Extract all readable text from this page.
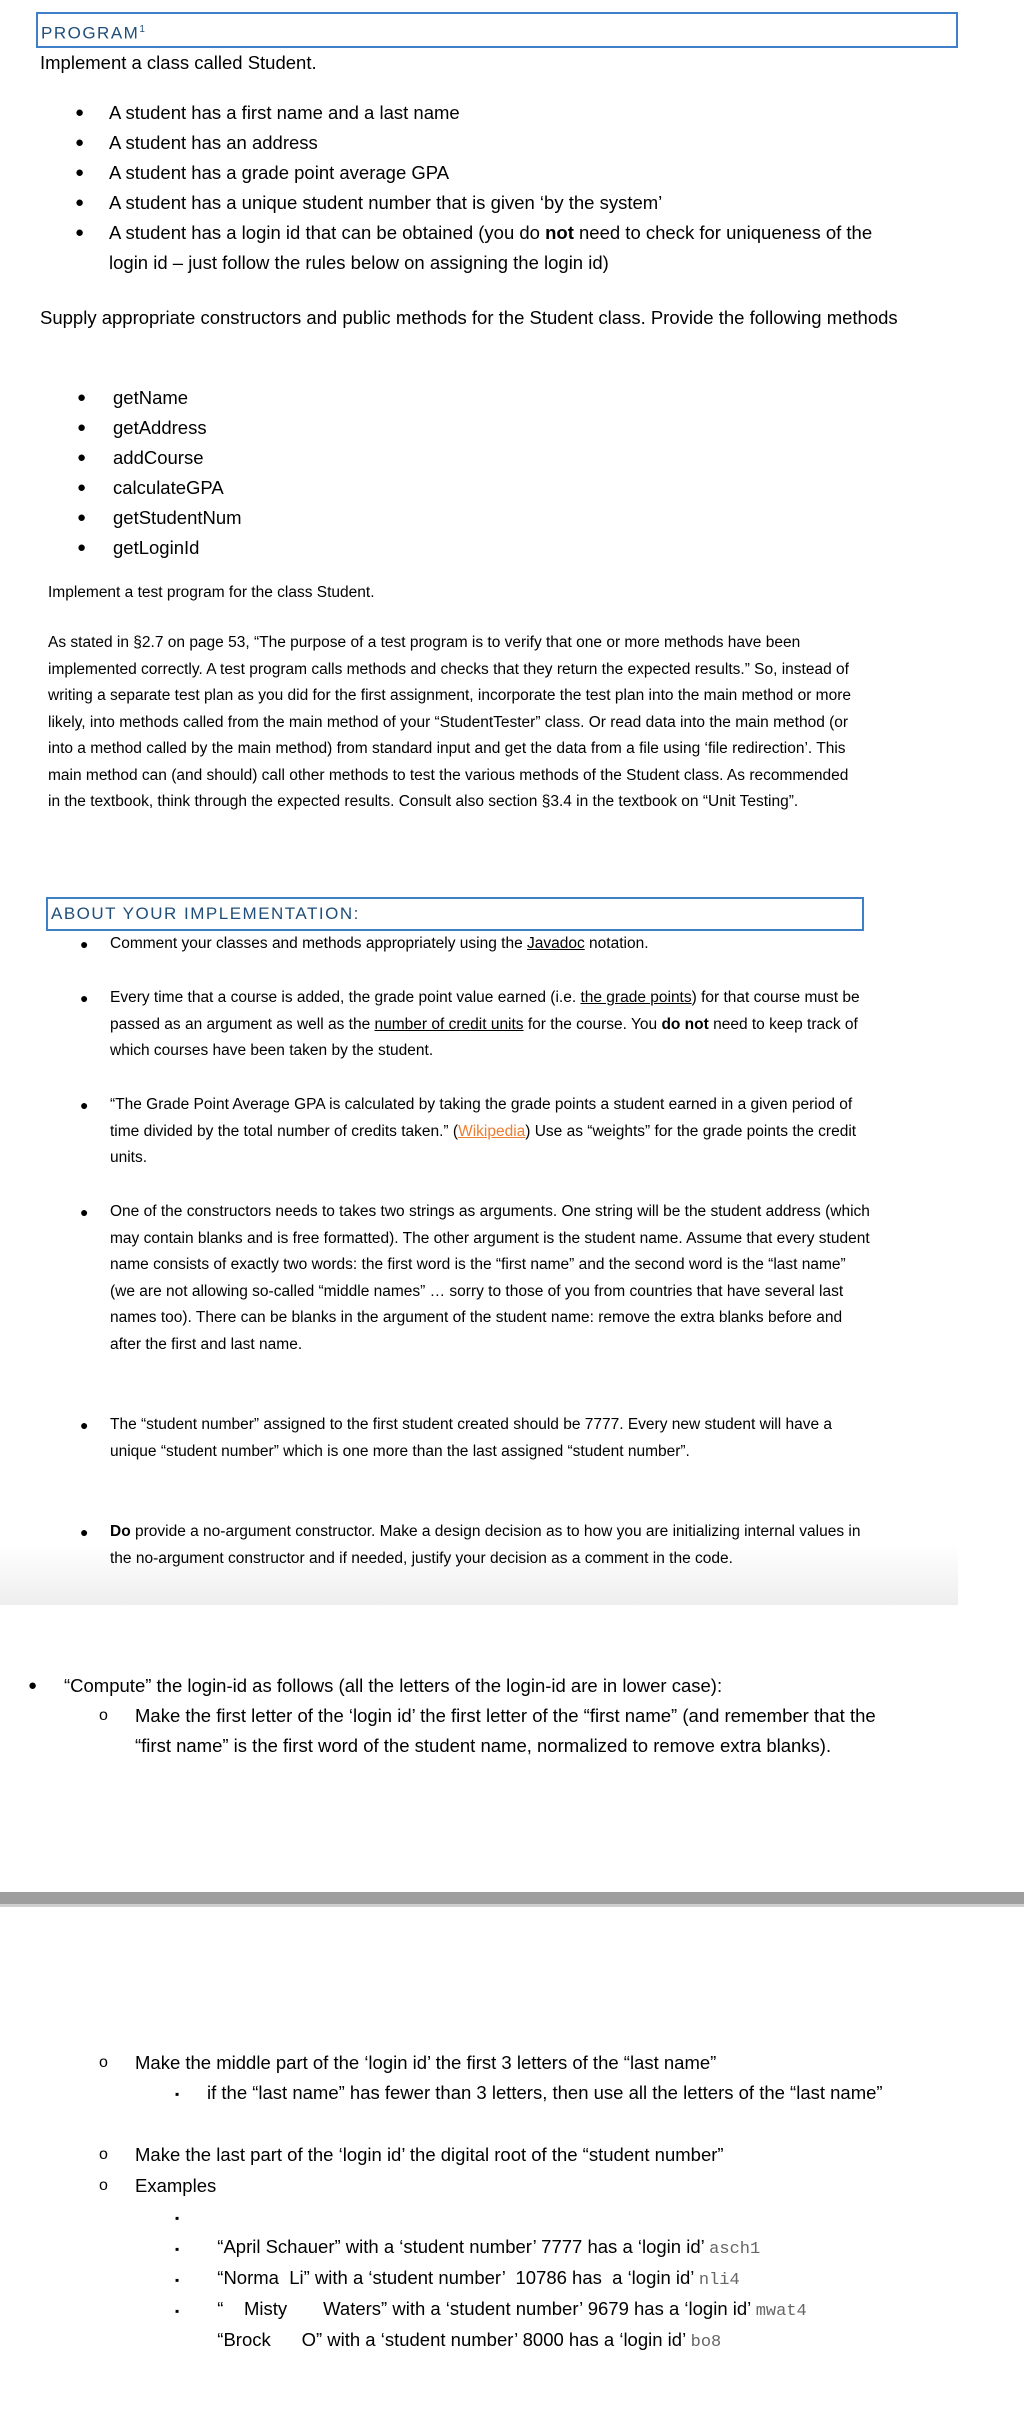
PROGRAM$^1$
Implement a class called Student.
● A student has a first name and a last name
● A student has an address
● A student has a grade point average GPA
● A student has a unique student number that is given ‘by the system’
● A student has a login id that can be obtained (you do not need to check for uniqueness of the
login id – just follow the rules below on assigning the login id)
Supply appropriate constructors and public methods for the Student class. Provide the following methods
● getName
● getAddress
● addCourse
● calculateGPA
● getStudentNum
● getLoginId
Implement a test program for the class Student.
As stated in §2.7 on page 53, “The purpose of a test program is to verify that one or more methods have been implemented correctly. A test program calls methods and checks that they return the expected results.” So, instead of writing a separate test plan as you did for the first assignment, incorporate the test plan into the main method or more likely, into methods called from the main method of your “StudentTester” class. Or read data into the main method (or into a method called by the main method) from standard input and get the data from a file using ‘file redirection’. This main method can (and should) call other methods to test the various methods of the Student class. As recommended in the textbook, think through the expected results. Consult also section §3.4 in the textbook on “Unit Testing”.
ABOUT YOUR IMPLEMENTATION:
● Comment your classes and methods appropriately using the Javadoc notation.
● Every time that a course is added, the grade point value earned (i.e. the grade points) for that course must be passed as an argument as well as the number of credit units for the course. You do not need to keep track of which courses have been taken by the student.
● “The Grade Point Average GPA is calculated by taking the grade points a student earned in a given period of time divided by the total number of credits taken.” (Wikipedia) Use as “weights” for the grade points the credit units.
● One of the constructors needs to takes two strings as arguments. One string will be the student address (which may contain blanks and is free formatted). The other argument is the student name. Assume that every student name consists of exactly two words: the first word is the “first name” and the second word is the “last name” (we are not allowing so-called “middle names” … sorry to those of you from countries that have several last names too). There can be blanks in the argument of the student name: remove the extra blanks before and after the first and last name.
● The “student number” assigned to the first student created should be 7777. Every new student will have a unique “student number” which is one more than the last assigned “student number”.
● Do provide a no-argument constructor. Make a design decision as to how you are initializing internal values in the no-argument constructor and if needed, justify your decision as a comment in the code.
● “Compute” the login-id as follows (all the letters of the login-id are in lower case):
o Make the first letter of the ‘login id’ the first letter of the “first name” (and remember that the “first name” is the first word of the student name, normalized to remove extra blanks).
o Make the middle part of the ‘login id’ the first 3 letters of the “last name”
▪ if the “last name” has fewer than 3 letters, then use all the letters of the “last name”
o Make the last part of the ‘login id’ the digital root of the “student number”
o Examples

▪
“April Schauer” with a ‘student number’ 7777 has a ‘login id’ asch1

▪
“Norma  Li” with a ‘student number’  10786 has  a ‘login id’ nli4

▪
“    Misty       Waters” with a ‘student number’ 9679 has a ‘login id’ mwat4

▪
“Brock      O” with a ‘student number’ 8000 has a ‘login id’ bo8
